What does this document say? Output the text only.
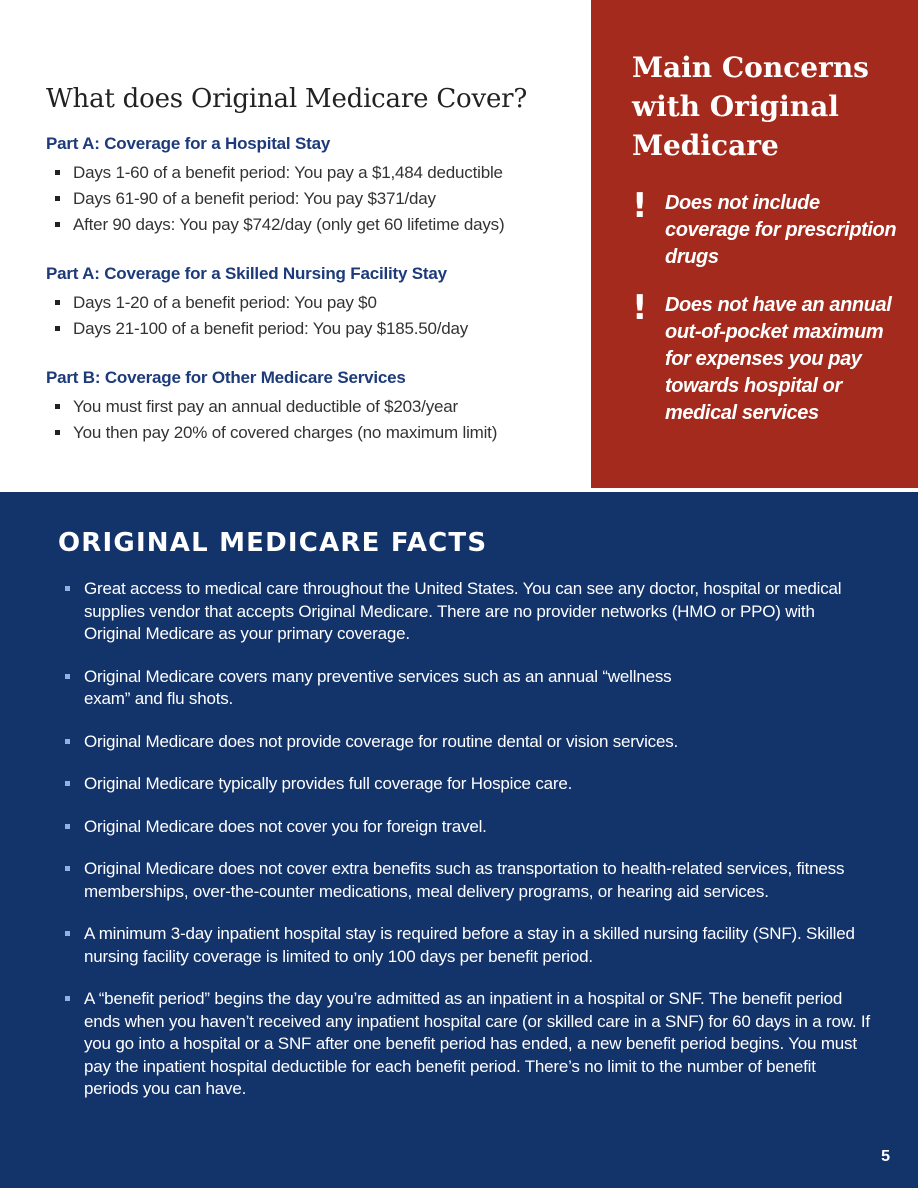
What does Original Medicare Cover?
Part A: Coverage for a Hospital Stay
Days 1-60 of a benefit period: You pay a $1,484 deductible
Days 61-90 of a benefit period: You pay $371/day
After 90 days: You pay $742/day (only get 60 lifetime days)
Part A: Coverage for a Skilled Nursing Facility Stay
Days 1-20 of a benefit period: You pay $0
Days 21-100 of a benefit period: You pay $185.50/day
Part B: Coverage for Other Medicare Services
You must first pay an annual deductible of $203/year
You then pay 20% of covered charges (no maximum limit)
Main Concerns with Original Medicare
! Does not include coverage for prescription drugs
! Does not have an annual out-of-pocket maximum for expenses you pay towards hospital or medical services
ORIGINAL MEDICARE FACTS
Great access to medical care throughout the United States. You can see any doctor, hospital or medical supplies vendor that accepts Original Medicare. There are no provider networks (HMO or PPO) with Original Medicare as your primary coverage.
Original Medicare covers many preventive services such as an annual “wellness exam” and flu shots.
Original Medicare does not provide coverage for routine dental or vision services.
Original Medicare typically provides full coverage for Hospice care.
Original Medicare does not cover you for foreign travel.
Original Medicare does not cover extra benefits such as transportation to health-related services, fitness memberships, over-the-counter medications, meal delivery programs, or hearing aid services.
A minimum 3-day inpatient hospital stay is required before a stay in a skilled nursing facility (SNF). Skilled nursing facility coverage is limited to only 100 days per benefit period.
A “benefit period” begins the day you’re admitted as an inpatient in a hospital or SNF. The benefit period ends when you haven’t received any inpatient hospital care (or skilled care in a SNF) for 60 days in a row. If you go into a hospital or a SNF after one benefit period has ended, a new benefit period begins. You must pay the inpatient hospital deductible for each benefit period. There’s no limit to the number of benefit periods you can have.
5
